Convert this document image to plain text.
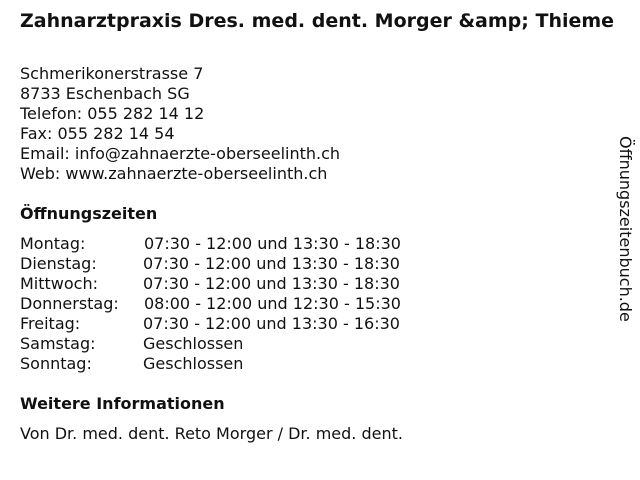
Zahnarztpraxis Dres. med. dent. Morger &amp; Thieme
Schmerikonerstrasse 7
8733 Eschenbach SG
Telefon: 055 282 14 12
Fax: 055 282 14 54
Email: info@zahnaerzte-oberseelinth.ch
Web: www.zahnaerzte-oberseelinth.ch
Öffnungszeiten
Montag:	07:30 - 12:00 und 13:30 - 18:30
Dienstag:	07:30 - 12:00 und 13:30 - 18:30
Mittwoch:	07:30 - 12:00 und 13:30 - 18:30
Donnerstag: 08:00 - 12:00 und 12:30 - 15:30
Freitag:	07:30 - 12:00 und 13:30 - 16:30
Samstag:	Geschlossen
Sonntag:	Geschlossen
Weitere Informationen
Von Dr. med. dent. Reto Morger / Dr. med. dent.
Öffnungszeitenbuch.de
